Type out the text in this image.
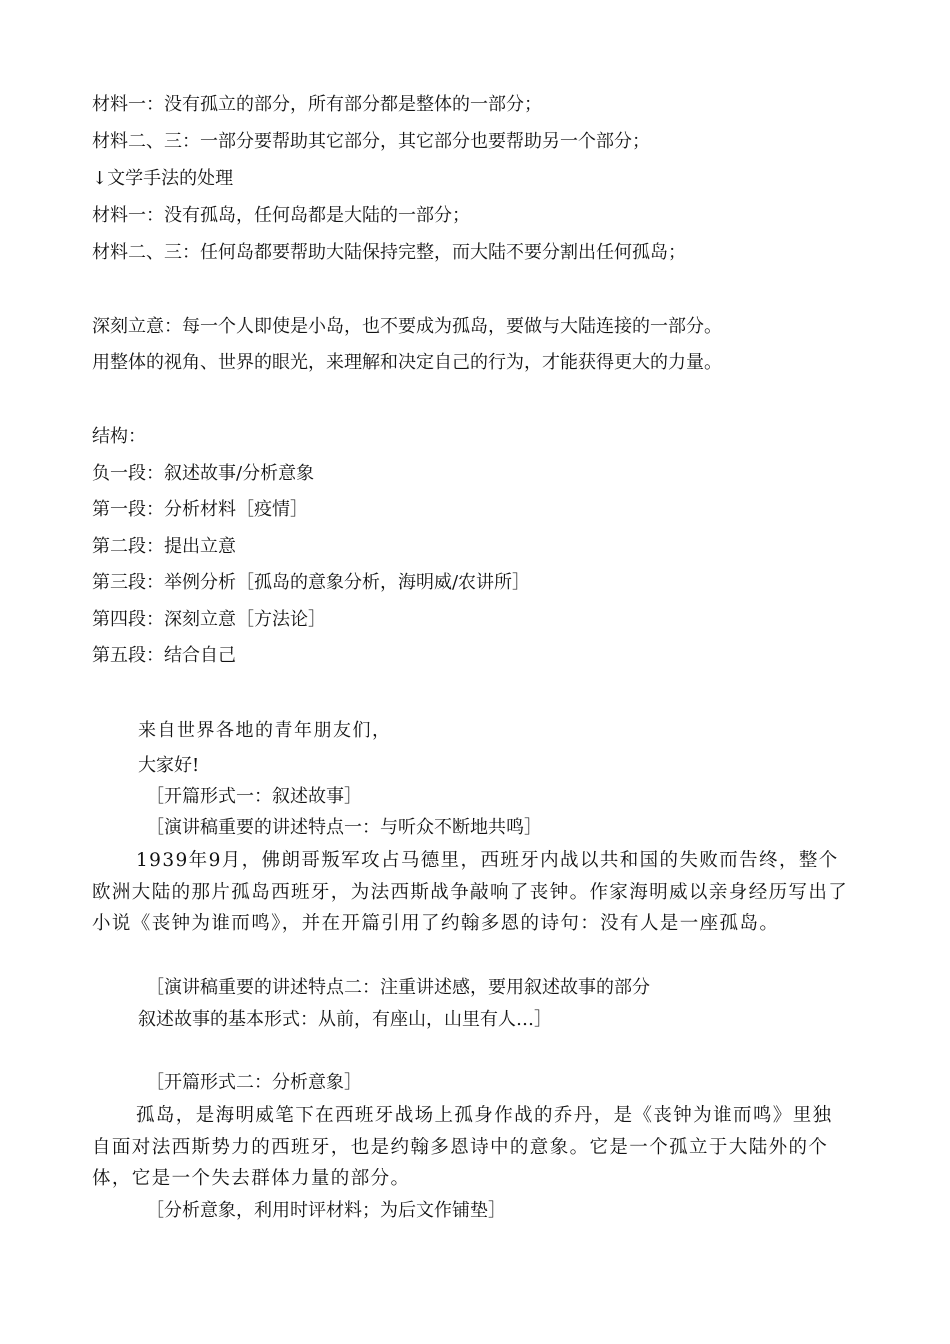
材料一：没有孤立的部分，所有部分都是整体的一部分；
材料二、三：一部分要帮助其它部分，其它部分也要帮助另一个部分；
↓文学手法的处理
材料一：没有孤岛，任何岛都是大陆的一部分；
材料二、三：任何岛都要帮助大陆保持完整，而大陆不要分割出任何孤岛；
深刻立意：每一个人即使是小岛，也不要成为孤岛，要做与大陆连接的一部分。
用整体的视角、世界的眼光，来理解和决定自己的行为，才能获得更大的力量。
结构：
负一段：叙述故事/分析意象
第一段：分析材料［疫情］
第二段：提出立意
第三段：举例分析［孤岛的意象分析，海明威/农讲所］
第四段：深刻立意［方法论］
第五段：结合自己
来自世界各地的青年朋友们，
大家好!
［开篇形式一：叙述故事］
［演讲稿重要的讲述特点一：与听众不断地共鸣］
1939年9月，佛朗哥叛军攻占马德里，西班牙内战以共和国的失败而告终，整个欧洲大陆的那片孤岛西班牙，为法西斯战争敲响了丧钟。作家海明威以亲身经历写出了小说《丧钟为谁而鸣》，并在开篇引用了约翰多恩的诗句：没有人是一座孤岛。
［演讲稿重要的讲述特点二：注重讲述感，要用叙述故事的部分
叙述故事的基本形式：从前，有座山，山里有人…］
［开篇形式二：分析意象］
孤岛，是海明威笔下在西班牙战场上孤身作战的乔丹，是《丧钟为谁而鸣》里独自面对法西斯势力的西班牙，也是约翰多恩诗中的意象。它是一个孤立于大陆外的个体，它是一个失去群体力量的部分。
［分析意象，利用时评材料；为后文作铺垫］
